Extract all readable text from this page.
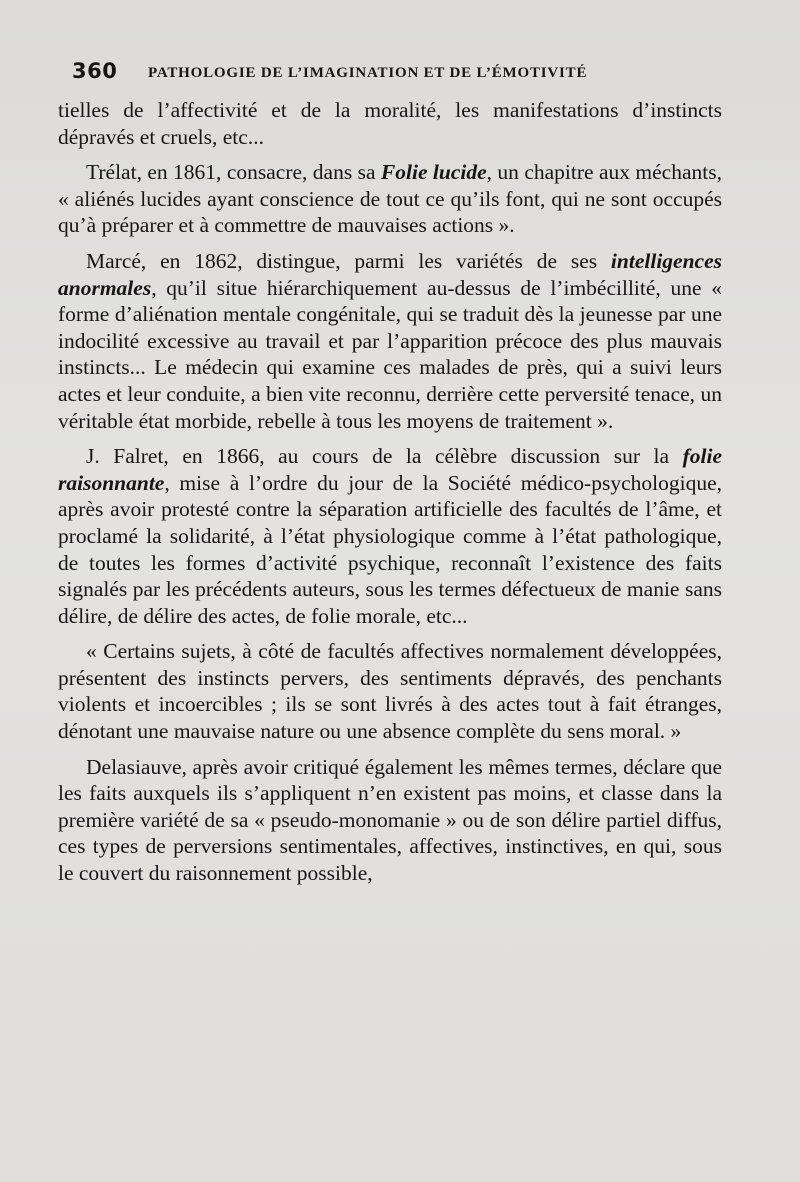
360 PATHOLOGIE DE L’IMAGINATION ET DE L’ÉMOTIVITÉ

tielles de l’affectivité et de la moralité, les manifestations d’instincts dépravés et cruels, etc...

Trélat, en 1861, consacre, dans sa Folie lucide, un chapitre aux méchants, « aliénés lucides ayant conscience de tout ce qu’ils font, qui ne sont occupés qu’à préparer et à commettre de mauvaises actions ».

Marcé, en 1862, distingue, parmi les variétés de ses intelligences anormales, qu’il situe hiérarchiquement au-dessus de l’imbécillité, une « forme d’aliénation mentale congénitale, qui se traduit dès la jeunesse par une indocilité excessive au travail et par l’apparition précoce des plus mauvais instincts... Le médecin qui examine ces malades de près, qui a suivi leurs actes et leur conduite, a bien vite reconnu, derrière cette perversité tenace, un véritable état morbide, rebelle à tous les moyens de traitement ».

J. Falret, en 1866, au cours de la célèbre discussion sur la folie raisonnante, mise à l’ordre du jour de la Société médico-psychologique, après avoir protesté contre la séparation artificielle des facultés de l’âme, et proclamé la solidarité, à l’état physiologique comme à l’état pathologique, de toutes les formes d’activité psychique, reconnaît l’existence des faits signalés par les précédents auteurs, sous les termes défectueux de manie sans délire, de délire des actes, de folie morale, etc...

« Certains sujets, à côté de facultés affectives normalement développées, présentent des instincts pervers, des sentiments dépravés, des penchants violents et incoercibles ; ils se sont livrés à des actes tout à fait étranges, dénotant une mauvaise nature ou une absence complète du sens moral. »

Delasiauve, après avoir critiqué également les mêmes termes, déclare que les faits auxquels ils s’appliquent n’en existent pas moins, et classe dans la première variété de sa « pseudo-monomanie » ou de son délire partiel diffus, ces types de perversions sentimentales, affectives, instinctives, en qui, sous le couvert du raisonnement possible,
